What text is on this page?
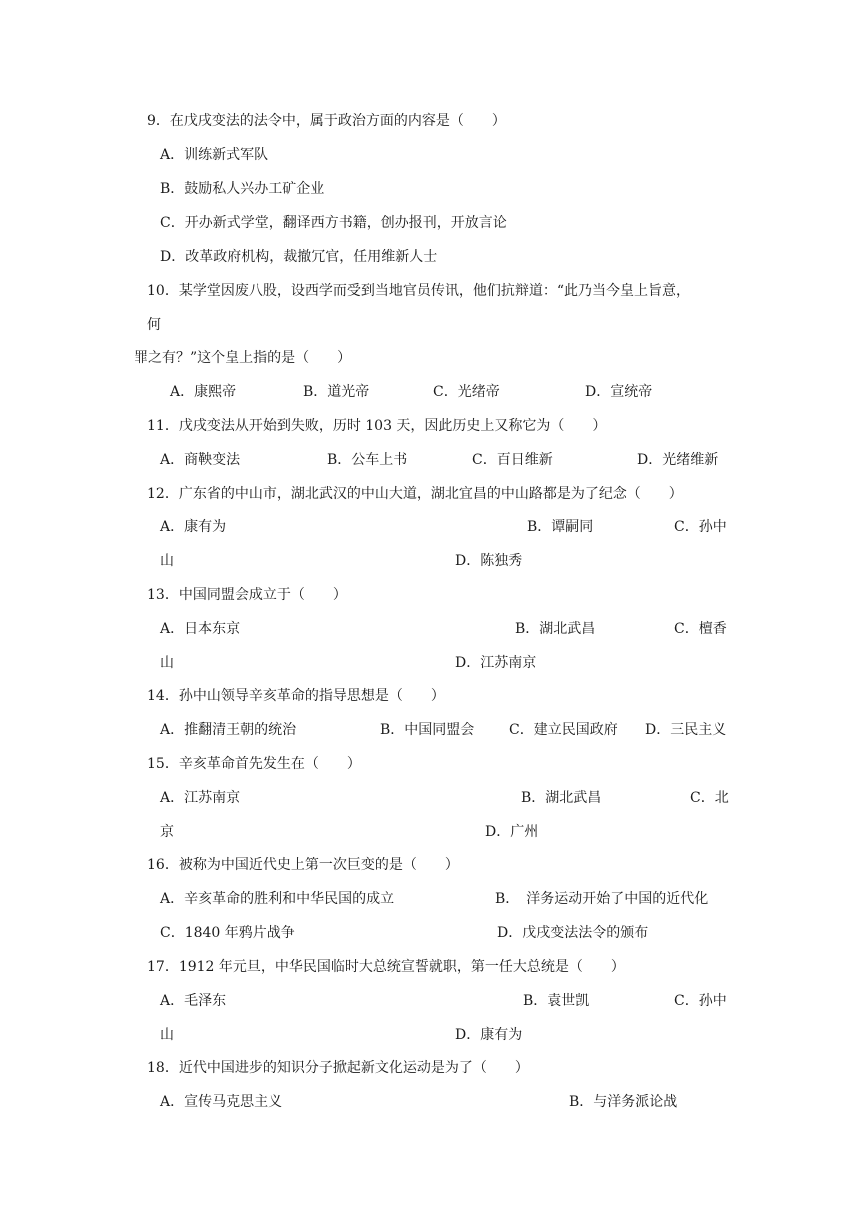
9．在戊戌变法的法令中，属于政治方面的内容是（　　）
A．训练新式军队
B．鼓励私人兴办工矿企业
C．开办新式学堂，翻译西方书籍，创办报刊，开放言论
D．改革政府机构，裁撤冗官，任用维新人士
10．某学堂因废八股，设西学而受到当地官员传讯，他们抗辩道：“此乃当今皇上旨意，
何
罪之有？”这个皇上指的是（　　）
A．康熙帝	B．道光帝	C．光绪帝	D．宣统帝
11．戊戌变法从开始到失败，历时 103 天，因此历史上又称它为（　　）
A．商鞅变法	B．公车上书	C．百日维新	D．光绪维新
12．广东省的中山市，湖北武汉的中山大道，湖北宜昌的中山路都是为了纪念（　　）
A．康有为	B．谭嗣同	C．孙中
山	D．陈独秀
13．中国同盟会成立于（　　）
A．日本东京	B．湖北武昌	C．檀香
山	D．江苏南京
14．孙中山领导辛亥革命的指导思想是（　　）
A．推翻清王朝的统治	B．中国同盟会 C．建立民国政府 D．三民主义
15．辛亥革命首先发生在（　　）
A．江苏南京	B．湖北武昌	C．北
京	D．广州
16．被称为中国近代史上第一次巨变的是（　　）
A．辛亥革命的胜利和中华民国的成立	B．　洋务运动开始了中国的近代化
C．1840 年鸦片战争	D．戊戌变法法令的颁布
17．1912 年元旦，中华民国临时大总统宣誓就职，第一任大总统是（　　）
A．毛泽东	B．袁世凯	C．孙中
山	D．康有为
18．近代中国进步的知识分子掀起新文化运动是为了（　　）
A．宣传马克思主义	B．与洋务派论战
